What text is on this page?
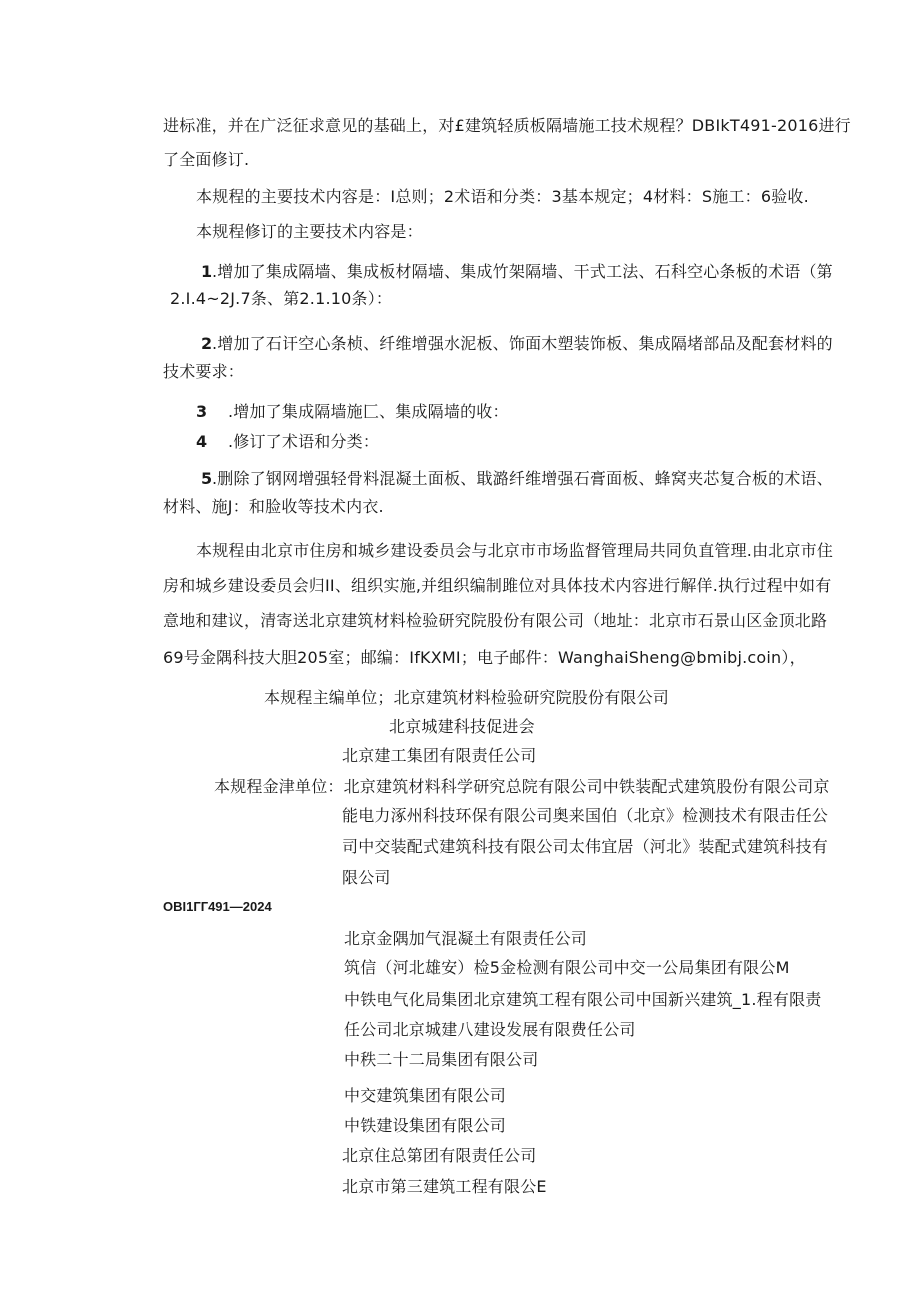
进标准，并在广泛征求意见的基础上，对£建筑轻质板隔墙施工技术规程？DBIkT491-2016进行
了全面修订.
本规程的主要技术内容是：I总则；2术语和分类：3基本规定；4材料：S施工：6验收.
本规程修订的主要技术内容是：
1 .增加了集成隔墙、集成板材隔墙、集成竹架隔墙、干式工法、石科空心条板的术语（第
2.I.4~2J.7条、第2.1.10条）：
2 .增加了石讦空心条桢、纤维增强水泥板、饰面木塑装饰板、集成隔堵部品及配套材料的
技术要求：
3 .增加了集成隔墙施匚、集成隔墙的收：
4 .修订了术语和分类：
5 .删除了钢网增强轻骨料混凝土面板、戢潞纤维增强石膏面板、蜂窝夹芯复合板的术语、
材料、施J：和脸收等技术内衣.
本规程由北京市住房和城乡建设委员会与北京市市场监督管理局共同负直管理.由北京市住
房和城乡建设委员会归II、组织实施,并组织编制雎位对具体技术内容进行解佯.执行过程中如有
意地和建议，清寄送北京建筑材料检验研究院股份有限公司（地址：北京市石景山区金顶北路
69号金隅科技大胆205室；邮编：IfKXMI；电子邮件：WanghaiSheng@bmibj.coin），
本规程主编单位；北京建筑材料检验研究院股份有限公司
北京城建科技促进会
北京建工集团有限责任公司
本规程金津单位：北京建筑材料科学研究总院有限公司中铁装配式建筑股份有限公司京
能电力涿州科技环保有限公司奥来国伯（北京》检测技术有限击任公
司中交装配式建筑科技有限公司太伟宜居（河北》装配式建筑科技有
限公司
OBI1ГГ491—2024
北京金隅加气混凝土有限责任公司
筑信（河北雄安）检5金检测有限公司中交一公局集团有限公M
中铁电气化局集团北京建筑工程有限公司中国新兴建筑_1.程有限责
任公司北京城建八建设发展有限费任公司
中秩二十二局集团有限公司
中交建筑集团有限公司
中铁建设集团有限公司
北京住总第团有限责任公司
北京市第三建筑工程有限公E
